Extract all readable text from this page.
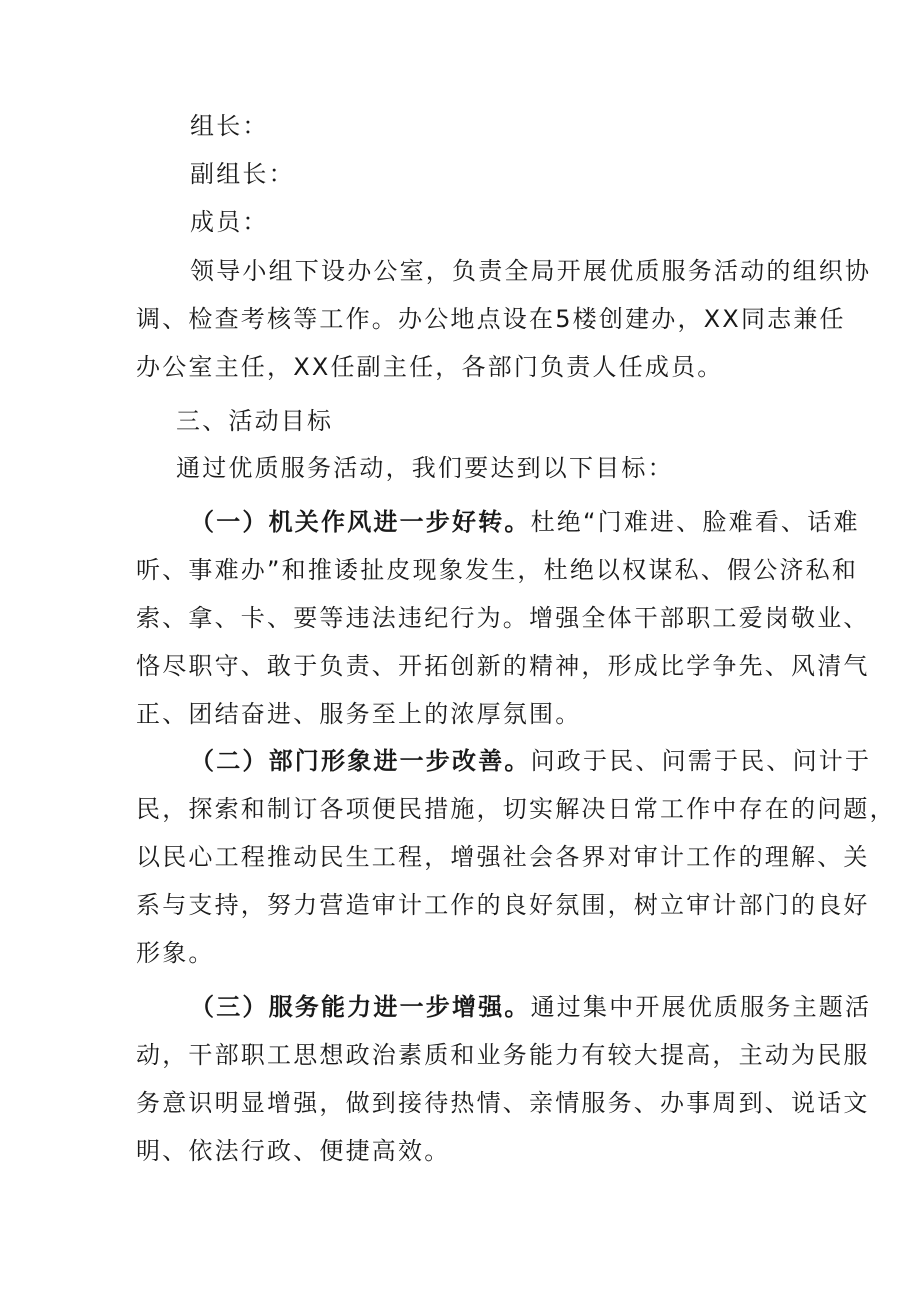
组长：
副组长：
成员：
领导小组下设办公室，负责全局开展优质服务活动的组织协
调、检查考核等工作。办公地点设在5楼创建办，XX同志兼任
办公室主任，XX任副主任，各部门负责人任成员。
三、活动目标
通过优质服务活动，我们要达到以下目标：
（一）机关作风进一步好转。杜绝“门难进、脸难看、话难
听、事难办”和推诿扯皮现象发生，杜绝以权谋私、假公济私和
索、拿、卡、要等违法违纪行为。增强全体干部职工爱岗敬业、
恪尽职守、敢于负责、开拓创新的精神，形成比学争先、风清气
正、团结奋进、服务至上的浓厚氛围。
（二）部门形象进一步改善。问政于民、问需于民、问计于
民，探索和制订各项便民措施，切实解决日常工作中存在的问题，
以民心工程推动民生工程，增强社会各界对审计工作的理解、关
系与支持，努力营造审计工作的良好氛围，树立审计部门的良好
形象。
（三）服务能力进一步增强。通过集中开展优质服务主题活
动，干部职工思想政治素质和业务能力有较大提高，主动为民服
务意识明显增强，做到接待热情、亲情服务、办事周到、说话文
明、依法行政、便捷高效。
